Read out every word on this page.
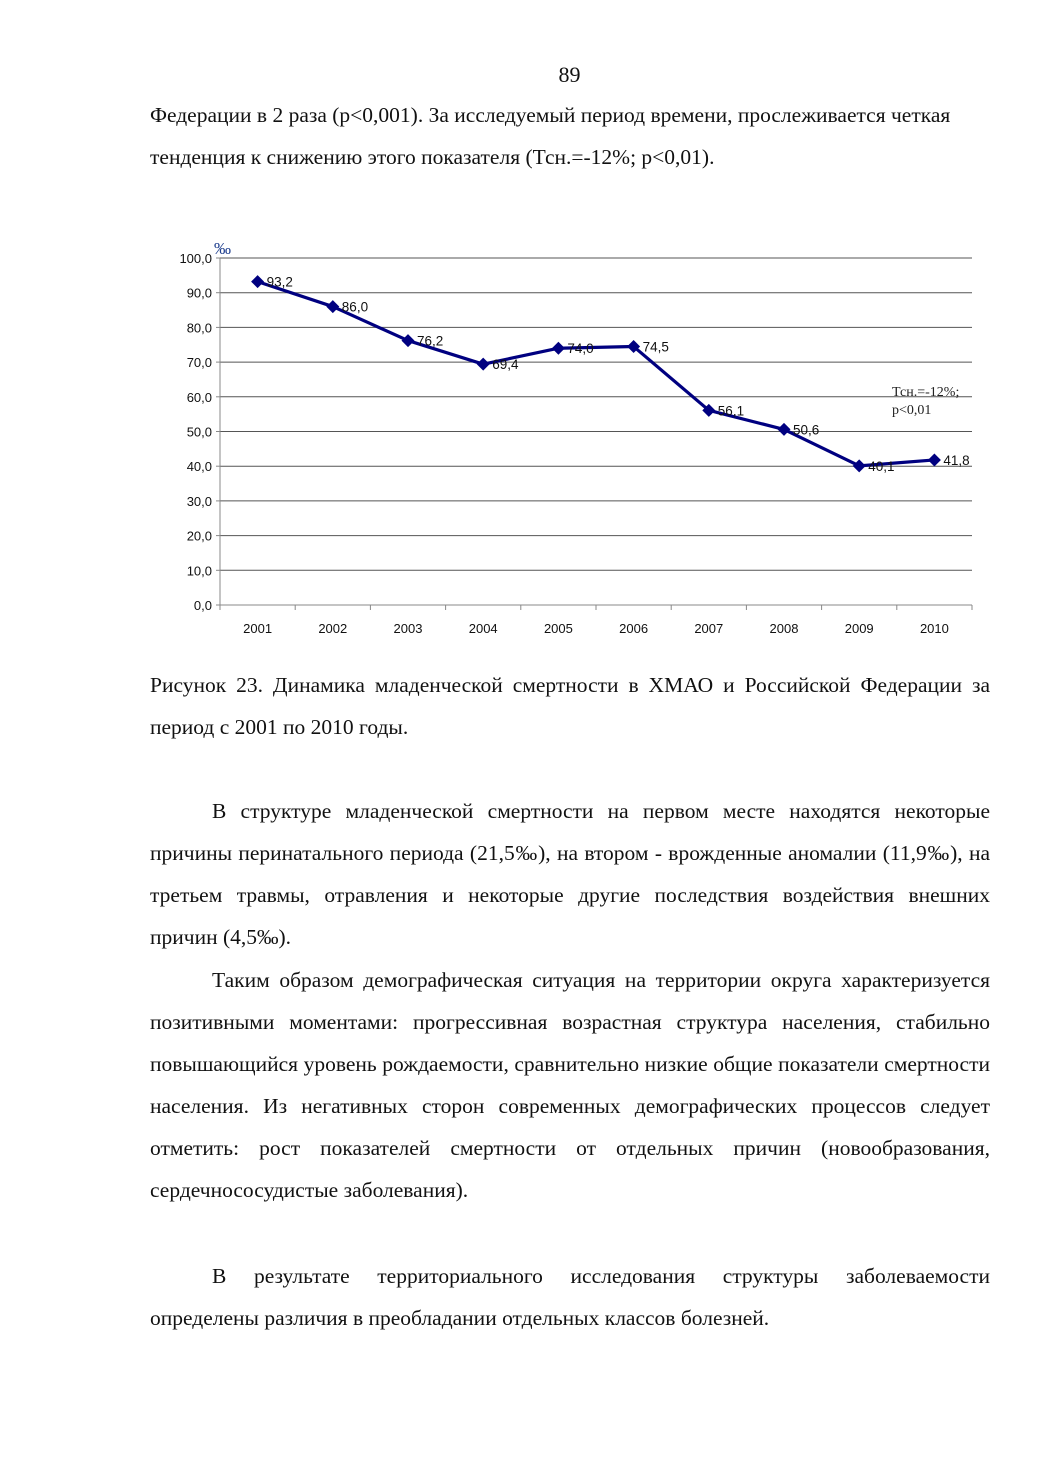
89

Федерации в 2 раза (p<0,001). За исследуемый период времени, прослеживается четкая тенденция к снижению этого показателя (Тсн.=-12%; p<0,01).

0,0
10,0
20,0
30,0
40,0
50,0
60,0
70,0
80,0
90,0
100,0
2001	2002	2003	2004	2005	2006	2007	2008	2009	2010
93,2
86,0
76,2
69,4
74,0	74,5
56,1
50,6
40,1	41,8
‰
Тсн.=-12%;
p<0,01

Рисунок 23. Динамика младенческой смертности в ХМАО и Российской Федерации за период с 2001 по 2010 годы.

В структуре младенческой смертности на первом месте находятся некоторые причины перинатального периода (21,5‰), на втором - врожденные аномалии (11,9‰), на третьем травмы, отравления и некоторые другие последствия воздействия внешних причин (4,5‰).

Таким образом демографическая ситуация на территории округа характеризуется позитивными моментами: прогрессивная возрастная структура населения, стабильно повышающийся уровень рождаемости, сравнительно низкие общие показатели смертности населения. Из негативных сторон современных демографических процессов следует отметить: рост показателей смертности от отдельных причин (новообразования, сердечнососудистые заболевания).

В результате территориального исследования структуры заболеваемости определены различия в преобладании отдельных классов болезней.
